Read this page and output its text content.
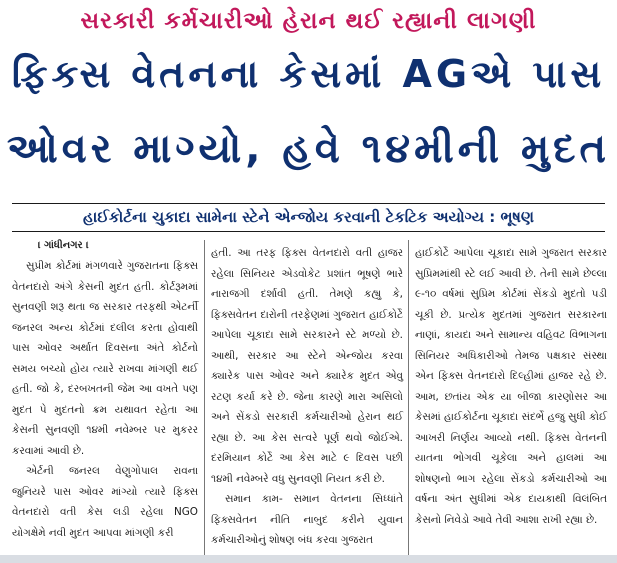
સરકારી કર્મચારીઓ હેરાન થઈ રહ્યાની લાગણી
ફિક્સ વેતનના કેસમાં AGએ પાસ
ઓવર માગ્યો, હવે ૧૪મીની મુદત
હાઈકોર્ટના ચુકાદા સામેના સ્ટેને એન્જોય કરવાની ટેકટિક અયોગ્ય : ભૂષણ
। ગાંધીનગર ।

સુપ્રીમ કોર્ટમાં મંગળવારે ગુજરાતના ફિક્સ વેતનદારો અંગે કેસની મુદત હતી. કોર્ટરૂમમાં સુનવણી શરૂ થતા જ સરકાર તરફથી એટર્ની જનરલ અન્ય કોર્ટમાં દલીલ કરતા હોવાથી પાસ ઓવર અર્થાત દિવસના અંતે કોર્ટનો સમય બચ્યો હોય ત્યારે રાખવા માંગણી થઈ હતી. જો કે, દરબખતની જેમ આ વખતે પણ મુદત પે મુદતનો ક્રમ યથાવત રહેતા આ કેસની સુનવણી ૧૪મી નવેમ્બર પર મુકરર કરવામાં આવી છે.

એર્ટની જનરલ વેણુગોપાલ રાવના જુનિયરે પાસ ઓવર માંગ્યો ત્યારે ફિક્સ વેતનદારો વતી કેસ લડી રહેલા NGO યોગક્ષેમે નવી મુદત આપવા માંગણી કરી

હતી. આ તરફ ફિક્સ વેતનદારો વતી હાજર રહેલા સિનિયર એડવોકેટ પ્રશાંત ભૂષણે ભારે નારાજગી દર્શાવી હતી. તેમણે કહ્યુ કે, ફિક્સવેતન દારોની તરફેણમાં ગુજરાત હાઈકોર્ટે આપેલા ચૂકાદા સામે સરકારને સ્ટે મળ્યો છે. આથી, સરકાર આ સ્ટેને એન્જોય કરવા ક્યારેક પાસ ઓવર અને ક્યારેક મુદત એવુ રટણ કર્યા કરે છે. જેના કારણે મારા અસિલો અને સેંકડો સરકારી કર્મચારીઓ હેરાન થઈ રહ્યા છે. આ કેસ સત્વરે પૂર્ણ થવો જોઈએ. દરમિયાન કોર્ટે આ કેસ માટે ૯ દિવસ પછી ૧૪મી નવેમ્બરે વધુ સુનવણી નિયત કરી છે.

સમાન કામ- સમાન વેતનના સિધ્ધાંતે ફિક્સવેતન નીતિ નાબુદ કરીને યુવાન કર્મચારીઓનું શોષણ બંધ કરવા ગુજરાત

હાઈકોર્ટે આપેલા ચૂકાદા સામે ગુજરાત સરકાર સુપ્રિમમાંથી સ્ટે લઈ આવી છે. તેની સામે છેલ્લા ૯-૧૦ વર્ષમાં સુપ્રિમ કોર્ટમાં સેંકડો મુદતો પડી ચૂકી છે. પ્રત્યેક મુદતમાં ગુજરાત સરકારના નાણાં, કાયદા અને સામાન્ય વહિવટ વિભાગના સિનિયર અધિકારીઓ તેમજ પક્ષકાર સંસ્થા એન ફિક્સ વેતનદારો દિલ્હીમાં હાજર રહે છે. આમ, છતાંય એક યા બીજા કારણોસર આ કેસમાં હાઈકોર્ટના ચૂકાદા સંદર્ભે હજુ સુધી કોઈ આખરી નિર્ણય આવ્યો નથી. ફિક્સ વેતનની યાતના ભોગવી ચૂકેલા અને હાલમાં આ શોષણનો ભાગ રહેલા સેંકડો કર્મચારીઓ આ વર્ષના અંત સુધીમાં એક દાયકાથી વિલંબિત કેસનો નિવેડો આવે તેવી આશા રાખી રહ્યા છે.
